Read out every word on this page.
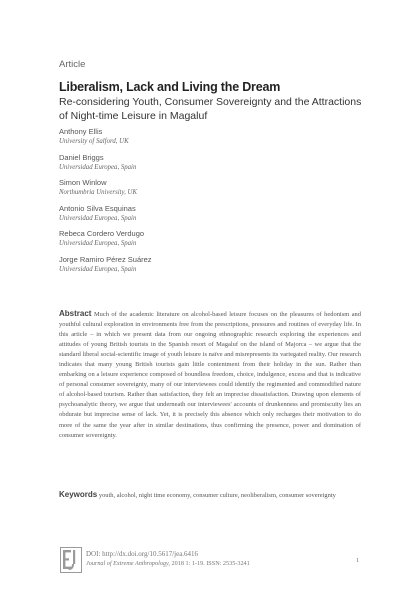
Article
Liberalism, Lack and Living the Dream
Re-considering Youth, Consumer Sovereignty and the Attractions of Night-time Leisure in Magaluf
Anthony Ellis
University of Salford, UK
Daniel Briggs
Universidad Europea, Spain
Simon Winlow
Northumbria University, UK
Antonio Silva Esquinas
Universidad Europea, Spain
Rebeca Cordero Verdugo
Universidad Europea, Spain
Jorge Ramiro Pérez Suárez
Universidad Europea, Spain

Abstract Much of the academic literature on alcohol-based leisure focuses on the pleasures of hedonism and youthful cultural exploration in environments free from the prescriptions, pressures and routines of everyday life. In this article – in which we present data from our ongoing ethnographic research exploring the experiences and attitudes of young British tourists in the Spanish resort of Magaluf on the island of Majorca – we argue that the standard liberal social-scientific image of youth leisure is naïve and misrepresents its variegated reality. Our research indicates that many young British tourists gain little contentment from their holiday in the sun. Rather than embarking on a leisure experience composed of boundless freedom, choice, indulgence, excess and that is indicative of personal consumer sovereignty, many of our interviewees could identify the regimented and commodified nature of alcohol-based tourism. Rather than satisfaction, they felt an imprecise dissatisfaction. Drawing upon elements of psychoanalytic theory, we argue that underneath our interviewees' accounts of drunkenness and promiscuity lies an obdurate but imprecise sense of lack. Yet, it is precisely this absence which only recharges their motivation to do more of the same the year after in similar destinations, thus confirming the presence, power and domination of consumer sovereignty.

Keywords youth, alcohol, night time economy, consumer culture, neoliberalism, consumer sovereignty
DOI: http://dx.doi.org/10.5617/jea.6416
Journal of Extreme Anthropology, 2018 1: 1-19. ISSN: 2535-3241	1
